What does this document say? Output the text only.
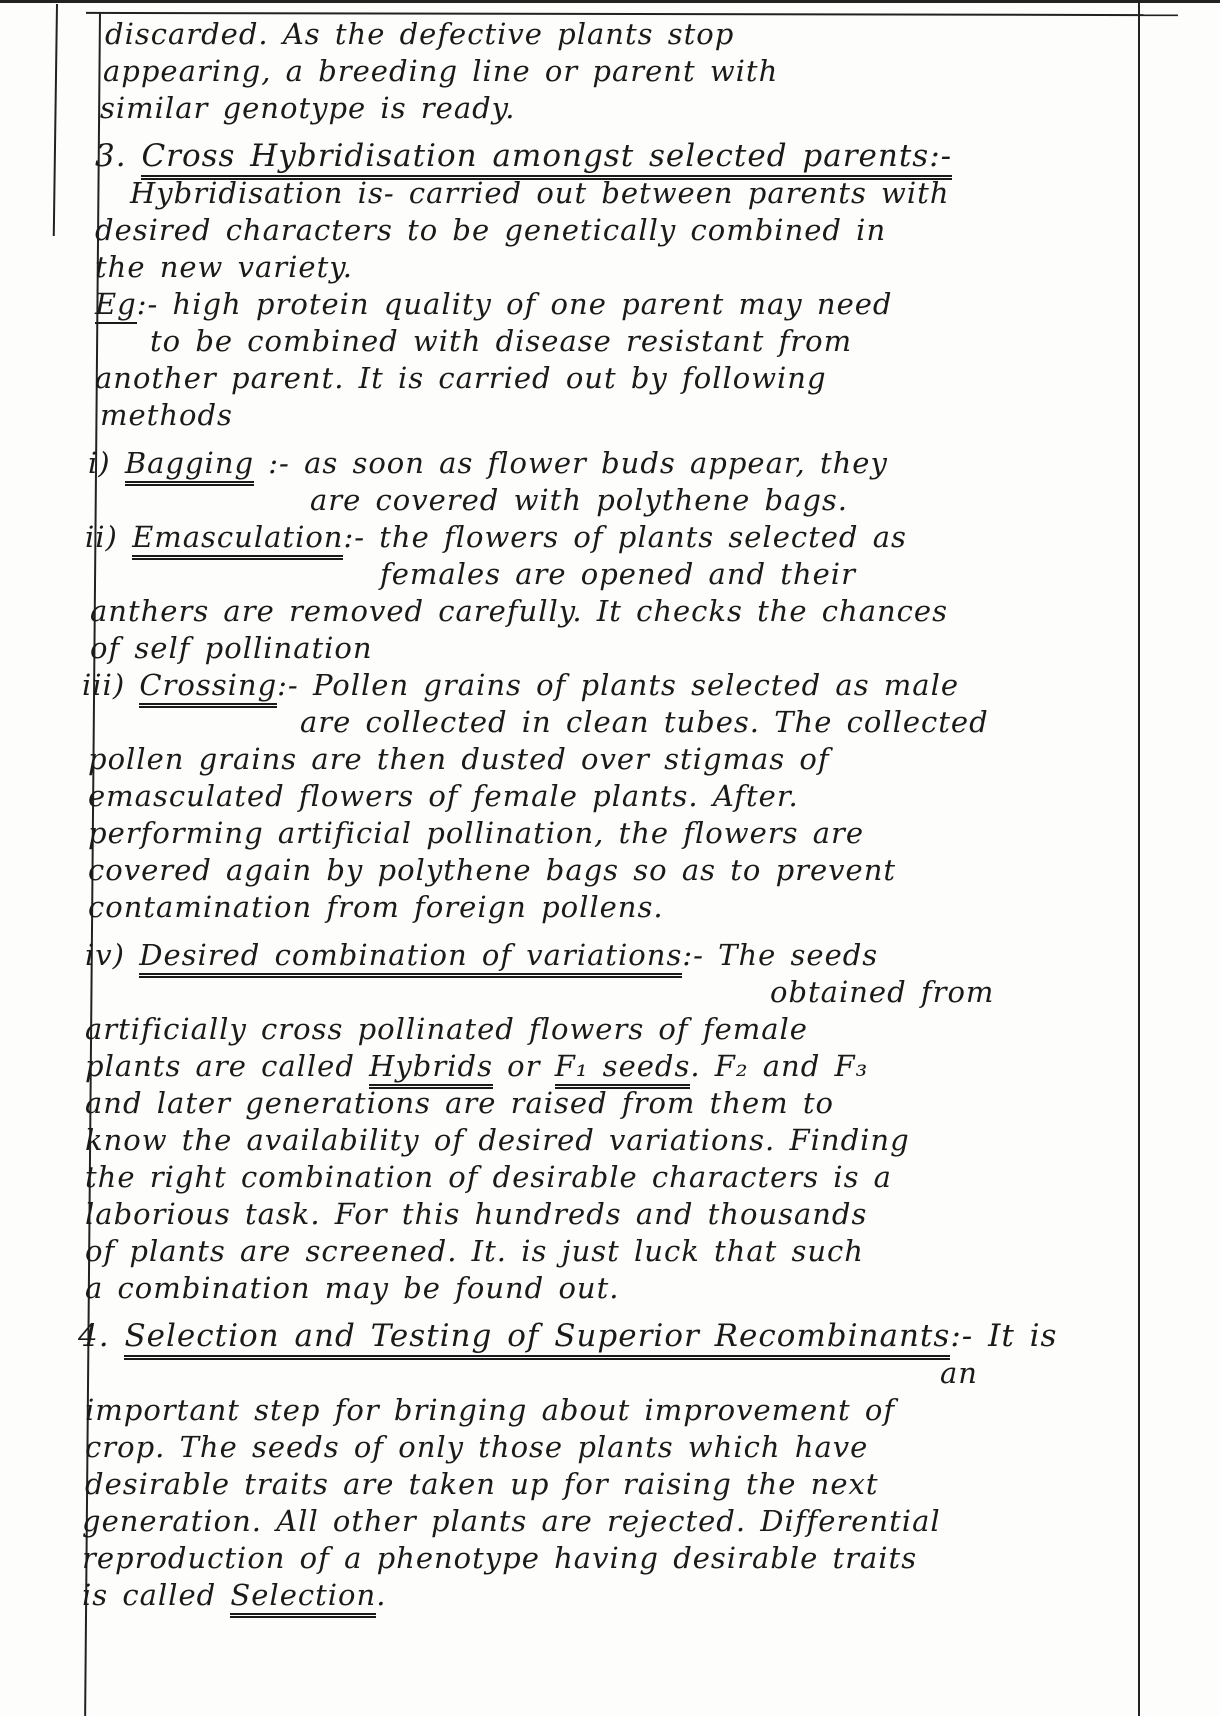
discarded. As the defective plants stop
appearing, a breeding line or parent with
similar genotype is ready.
3. Cross Hybridisation amongst selected parents:-
Hybridisation is- carried out between parents with
desired characters to be genetically combined in
the new variety.
Eg:- high protein quality of one parent may need
to be combined with disease resistant from
another parent. It is carried out by following
methods
i) Bagging :- as soon as flower buds appear, they
are covered with polythene bags.
ii) Emasculation:- the flowers of plants selected as
females are opened and their
anthers are removed carefully. It checks the chances
of self pollination
iii) Crossing:- Pollen grains of plants selected as male
are collected in clean tubes. The collected
pollen grains are then dusted over stigmas of
emasculated flowers of female plants. After.
performing artificial pollination, the flowers are
covered again by polythene bags so as to prevent
contamination from foreign pollens.
iv) Desired combination of variations:- The seeds
obtained from
artificially cross pollinated flowers of female
plants are called Hybrids or F₁ seeds. F₂ and F₃
and later generations are raised from them to
know the availability of desired variations. Finding
the right combination of desirable characters is a
laborious task. For this hundreds and thousands
of plants are screened. It. is just luck that such
a combination may be found out.
4. Selection and Testing of Superior Recombinants:- It is
an
important step for bringing about improvement of
crop. The seeds of only those plants which have
desirable traits are taken up for raising the next
generation. All other plants are rejected. Differential
reproduction of a phenotype having desirable traits
is called Selection.
